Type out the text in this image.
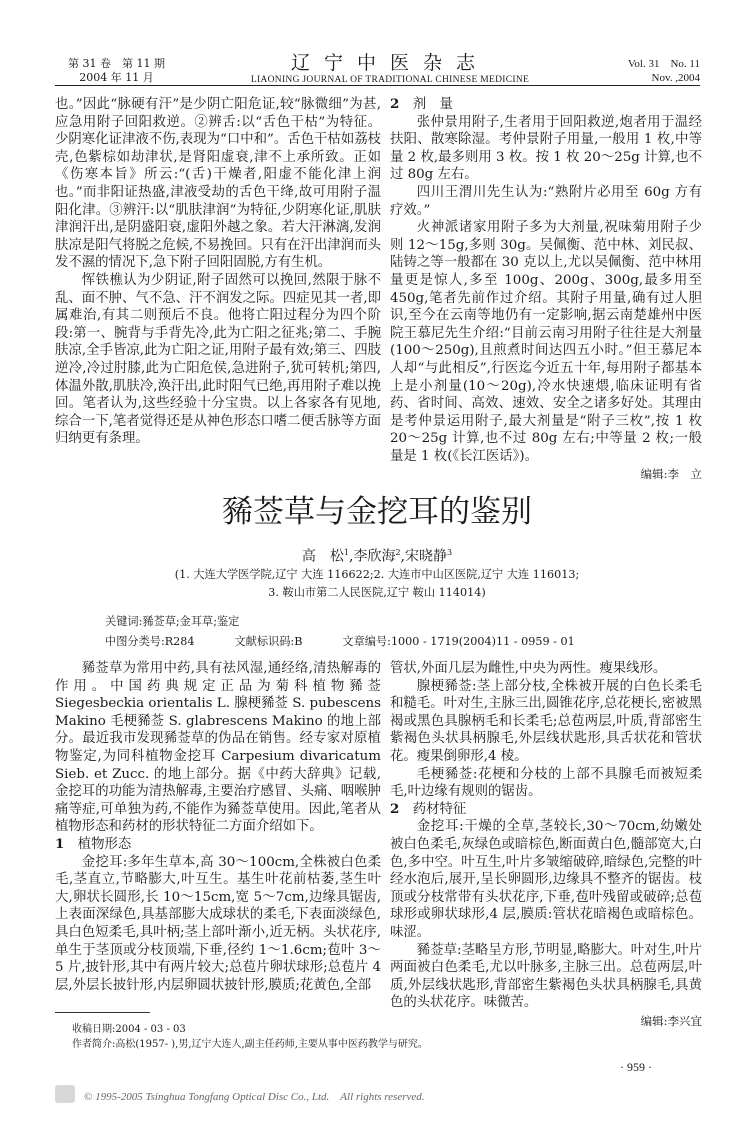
第 31 卷　第 11 期
2004 年 11 月
辽宁中医杂志
LIAONING JOURNAL OF TRADITIONAL CHINESE MEDICINE
Vol. 31　No. 11
Nov. ,2004

也。”因此“脉硬有汗”是少阴亡阳危证,较“脉微细”为甚,应急用附子回阳救逆。②辨舌:以“舌色干枯”为特征。少阴寒化证津液不伤,表现为“口中和”。舌色干枯如荔枝壳,色紫棕如劫津状,是肾阳虚衰,津不上承所致。正如《伤寒本旨》所云:“(舌)干燥者,阳虚不能化津上润也。”而非阳证热盛,津液受劫的舌色干绛,故可用附子温阳化津。③辨汗:以“肌肤津润”为特征,少阴寒化证,肌肤津润汗出,是阴盛阳衰,虚阳外越之象。若大汗淋漓,发润肤凉是阳气将脱之危候,不易挽回。只有在汗出津润而头发不濕的情况下,急下附子回阳固脱,方有生机。

恽铁樵认为少阴证,附子固然可以挽回,然限于脉不乱、面不肿、气不急、汗不润发之际。四症见其一者,即属难治,有其二则预后不良。他将亡阳过程分为四个阶段:第一、腕背与手背先冷,此为亡阳之征兆;第二、手腕肤凉,全手皆凉,此为亡阳之证,用附子最有效;第三、四肢逆冷,冷过肘膝,此为亡阳危侯,急进附子,犹可转机;第四,体温外散,肌肤冷,涣汗出,此时阳气已绝,再用附子难以挽回。笔者认为,这些经验十分宝贵。以上各家各有见地,综合一下,笔者觉得还是从神色形态口嗜二便舌脉等方面归纳更有条理。

2 剂　量

张仲景用附子,生者用于回阳救逆,炮者用于温经扶阳、散寒除湿。考仲景附子用量,一般用 1 枚,中等量 2 枚,最多则用 3 枚。按 1 枚 20～25g 计算,也不过 80g 左右。

四川王渭川先生认为:“熟附片必用至 60g 方有疗效。”

火神派诸家用附子多为大剂量,祝味菊用附子少则 12～15g,多则 30g。吴佩衡、范中林、刘民叔、陆铸之等一般都在 30 克以上,尤以吴佩衡、范中林用量更是惊人,多至 100g、200g、300g,最多用至 450g,笔者先前作过介绍。其附子用量,确有过人胆识,至今在云南等地仍有一定影响,据云南楚雄州中医院王慕尼先生介绍:“目前云南习用附子往往是大剂量(100～250g),且煎煮时间达四五小时。”但王慕尼本人却“与此相反”,行医迄今近五十年,每用附子都基本上是小剂量(10～20g),冷水快速煨,临床证明有省药、省时间、高效、速效、安全之诸多好处。其理由是考仲景运用附子,最大剂量是“附子三枚”,按 1 枚 20～25g 计算,也不过 80g 左右;中等量 2 枚;一般量是 1 枚(《长江医话》)。

编辑:李　立
豨莶草与金挖耳的鉴别
高　松$^1$,李欣海$^2$,宋晓静$^3$
(1. 大连大学医学院,辽宁 大连 116622;2. 大连市中山区医院,辽宁 大连 116013;
3. 鞍山市第二人民医院,辽宁 鞍山 114014)
关键词:豨莶草;金耳草;鉴定
中图分类号:R284	文献标识码:B	文章编号:1000 - 1719(2004)11 - 0959 - 01

豨莶草为常用中药,具有祛风湿,通经络,清热解毒的作用。中国药典规定正品为菊科植物豨莶 Siegesbeckia orientalis L. 腺梗豨莶 S. pubescens Makino 毛梗豨莶 S. glabrescens Makino 的地上部分。最近我市发现豨莶草的伪品在销售。经专家对原植物鉴定,为同科植物金挖耳 Carpesium divaricatum Sieb. et Zucc. 的地上部分。据《中药大辞典》记载,金挖耳的功能为清热解毒,主要治疗感冒、头痛、咽喉肿痛等症,可单独为药,不能作为豨莶草使用。因此,笔者从植物形态和药材的形状特征二方面介绍如下。

1 植物形态

金挖耳:多年生草本,高 30～100cm,全株被白色柔毛,茎直立,节略膨大,叶互生。基生叶花前枯萎,茎生叶大,卵状长圆形,长 10～15cm,宽 5～7cm,边缘具锯齿,上表面深绿色,具基部膨大成球状的柔毛,下表面淡绿色,具白色短柔毛,具叶柄;茎上部叶渐小,近无柄。头状花序,单生于茎顶或分枝顶端,下垂,径约 1～1.6cm;苞叶 3～5 片,披针形,其中有两片较大;总苞片卵状球形;总苞片 4 层,外层长披针形,内层卵圆状披针形,膜质;花黄色,全部

管状,外面几层为雌性,中央为两性。瘦果线形。

腺梗豨莶:茎上部分枝,全株被开展的白色长柔毛和糙毛。叶对生,主脉三出,圆锥花序,总花梗长,密被黑褐或黑色具腺柄毛和长柔毛;总苞两层,叶质,背部密生紫褐色头状具柄腺毛,外层线状匙形,具舌状花和管状花。瘦果倒卵形,4 棱。

毛梗豨莶:花梗和分枝的上部不具腺毛而被短柔毛,叶边缘有规则的锯齿。

2 药材特征

金挖耳:干燥的全草,茎较长,30～70cm,幼嫩处被白色柔毛,灰绿色或暗棕色,断面黄白色,髓部宽大,白色,多中空。叶互生,叶片多皱缩破碎,暗绿色,完整的叶经水泡后,展开,呈长卵圆形,边缘具不整齐的锯齿。枝顶或分枝常带有头状花序,下垂,苞叶残留或破碎;总苞球形或卵状球形,4 层,膜质:管状花暗褐色或暗棕色。味涩。

豨莶草:茎略呈方形,节明显,略膨大。叶对生,叶片两面被白色柔毛,尤以叶脉多,主脉三出。总苞两层,叶质,外层线状匙形,背部密生紫褐色头状具柄腺毛,具黄色的头状花序。味微苦。

编辑:李兴宜
收稿日期:2004 - 03 - 03
作者简介:高松(1957- ),男,辽宁大连人,副主任药师,主要从事中医药教学与研究。
· 959 ·
© 1995-2005 Tsinghua Tongfang Optical Disc Co., Ltd.　All rights reserved.
